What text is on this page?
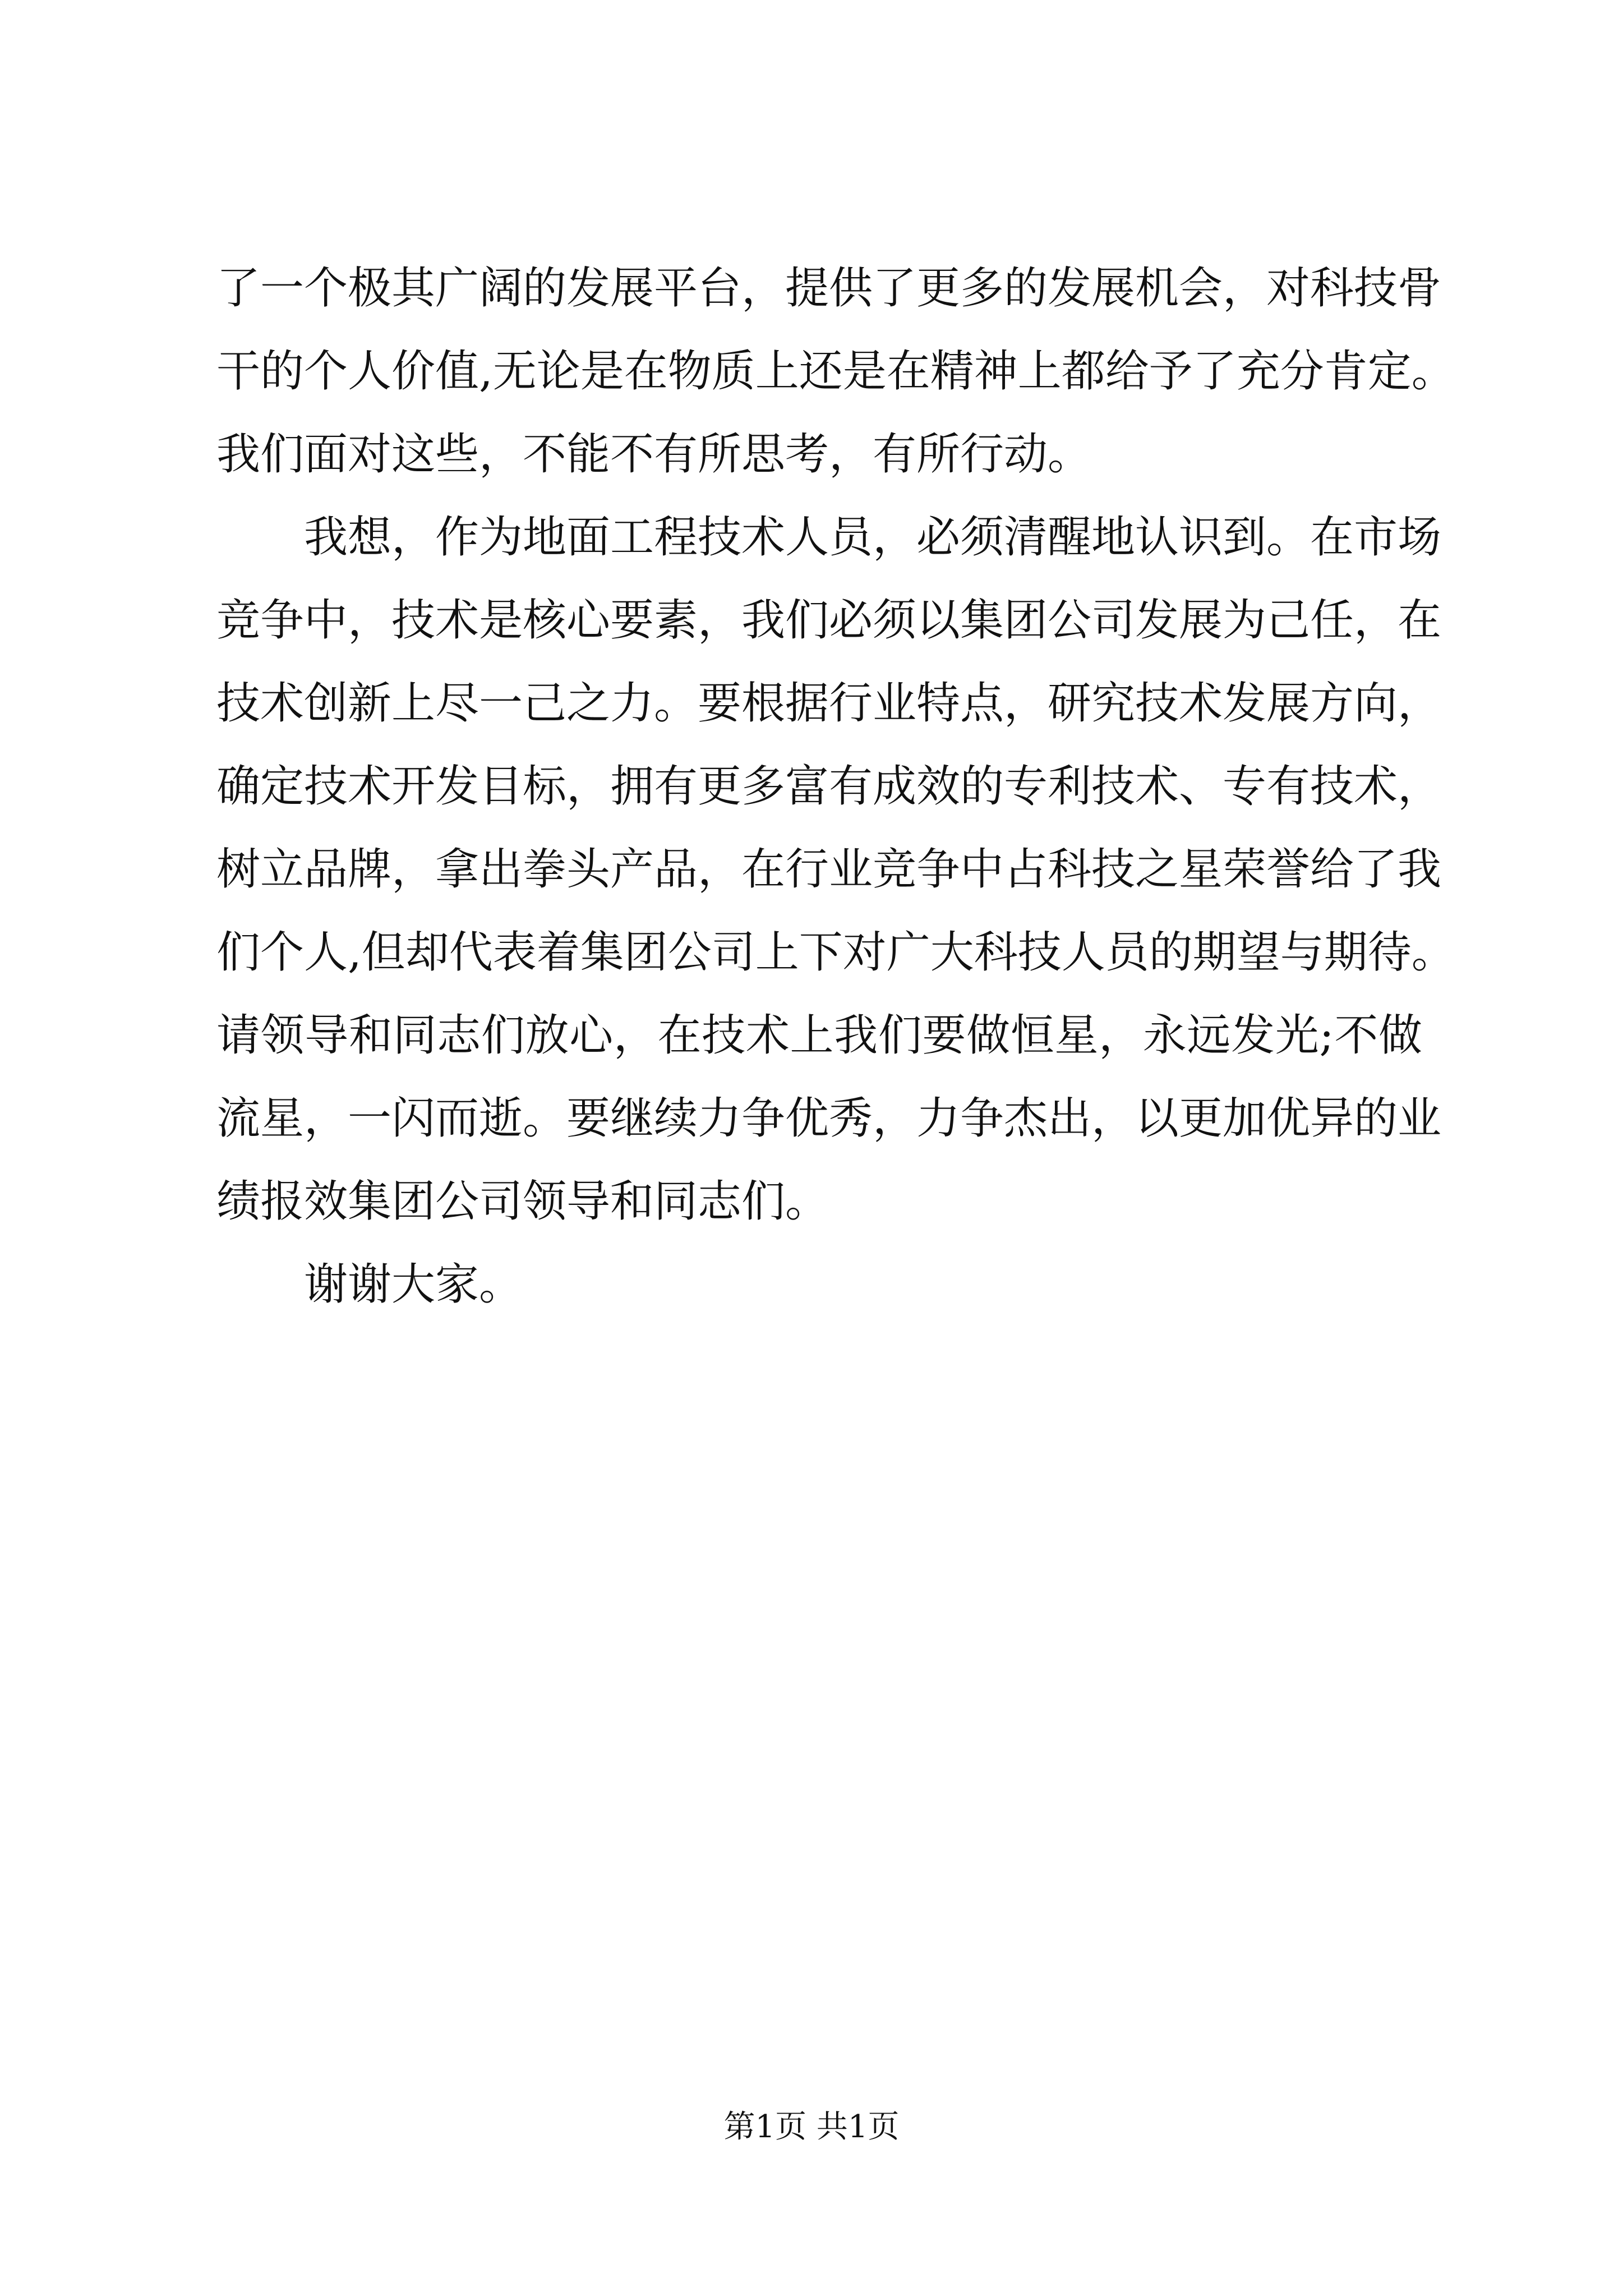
了一个极其广阔的发展平台，提供了更多的发展机会，对科技骨
干的个人价值,无论是在物质上还是在精神上都给予了充分肯定。
我们面对这些，不能不有所思考，有所行动。
我想，作为地面工程技术人员，必须清醒地认识到。在市场
竞争中，技术是核心要素，我们必须以集团公司发展为己任，在
技术创新上尽一己之力。要根据行业特点，研究技术发展方向，
确定技术开发目标，拥有更多富有成效的专利技术、专有技术，
树立品牌，拿出拳头产品，在行业竞争中占科技之星荣誉给了我
们个人,但却代表着集团公司上下对广大科技人员的期望与期待。
请领导和同志们放心，在技术上我们要做恒星，永远发光;不做
流星，一闪而逝。要继续力争优秀，力争杰出，以更加优异的业
绩报效集团公司领导和同志们。
谢谢大家。
第1页 共1页
